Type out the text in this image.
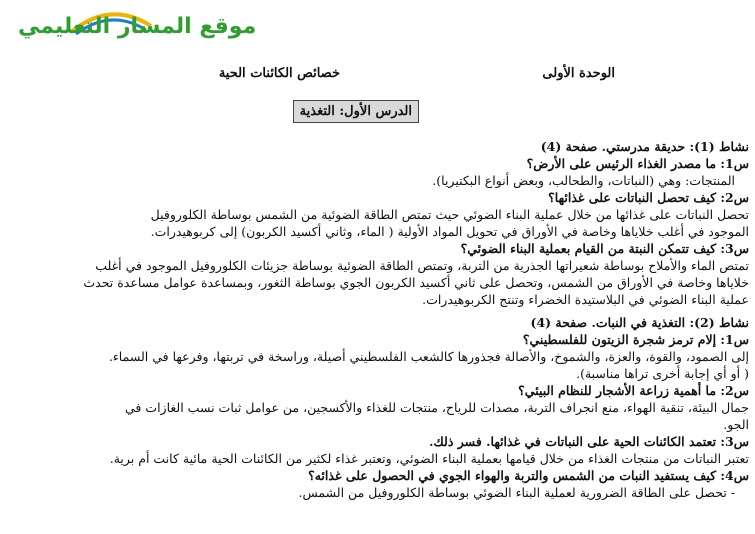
موقع المسار التعليمي
الوحدة الأولى
خصائص الكائنات الحية
الدرس الأول: التغذية
نشاط (1): حديقة مدرستي. صفحة (4)
س1: ما مصدر الغذاء الرئيس على الأرض؟
المنتجات: وهي (النباتات، والطحالب، وبعض أنواع البكتيريا).
س2: كيف تحصل النباتات على غذائها؟
تحصل النباتات على غذائها من خلال عملية البناء الضوئي حيث تمتص الطاقة الضوئية من الشمس بوساطة الكلوروفيل
الموجود في أغلب خلاياها وخاصة في الأوراق في تحويل المواد الأولية ( الماء، وثاني أكسيد الكربون) إلى كربوهيدرات.
س3: كيف تتمكن النبتة من القيام بعملية البناء الضوئي؟
تمتص الماء والأملاح بوساطة شعيراتها الجذرية من التربة، وتمتص الطاقة الضوئية بوساطة جزيئات الكلوروفيل الموجود في أغلب
خلاياها وخاصة في الأوراق من الشمس، وتحصل على ثاني أكسيد الكربون الجوي بوساطة الثغور، وبمساعدة عوامل مساعدة تحدث
عملية البناء الضوئي في البلاستيدة الخضراء وتنتج الكربوهيدرات.
نشاط (2): التغذية في النبات. صفحة (4)
س1: إلام ترمز شجرة الزيتون للفلسطيني؟
إلى الصمود، والقوة، والعزة، والشموخ، والأصالة فجذورها كالشعب الفلسطيني أصيلة، وراسخة في تربتها، وفرعها في السماء.
( أو أي إجابة أخرى تراها مناسبة).
س2: ما أهمية زراعة الأشجار للنظام البيئي؟
جمال البيئة، تنقية الهواء، منع انجراف التربة، مصدات للرياح، منتجات للغذاء والأكسجين، من عوامل ثبات نسب الغازات في
الجو.
س3: تعتمد الكائنات الحية على النباتات في غذائها. فسر ذلك.
تعتبر النباتات من منتجات الغذاء من خلال قيامها بعملية البناء الضوئي، وتعتبر غذاء لكثير من الكائنات الحية مائية كانت أم برية.
س4: كيف يستفيد النبات من الشمس والتربة والهواء الجوي في الحصول على غذائه؟
- تحصل على الطاقة الضرورية لعملية البناء الضوئي بوساطة الكلوروفيل من الشمس.
